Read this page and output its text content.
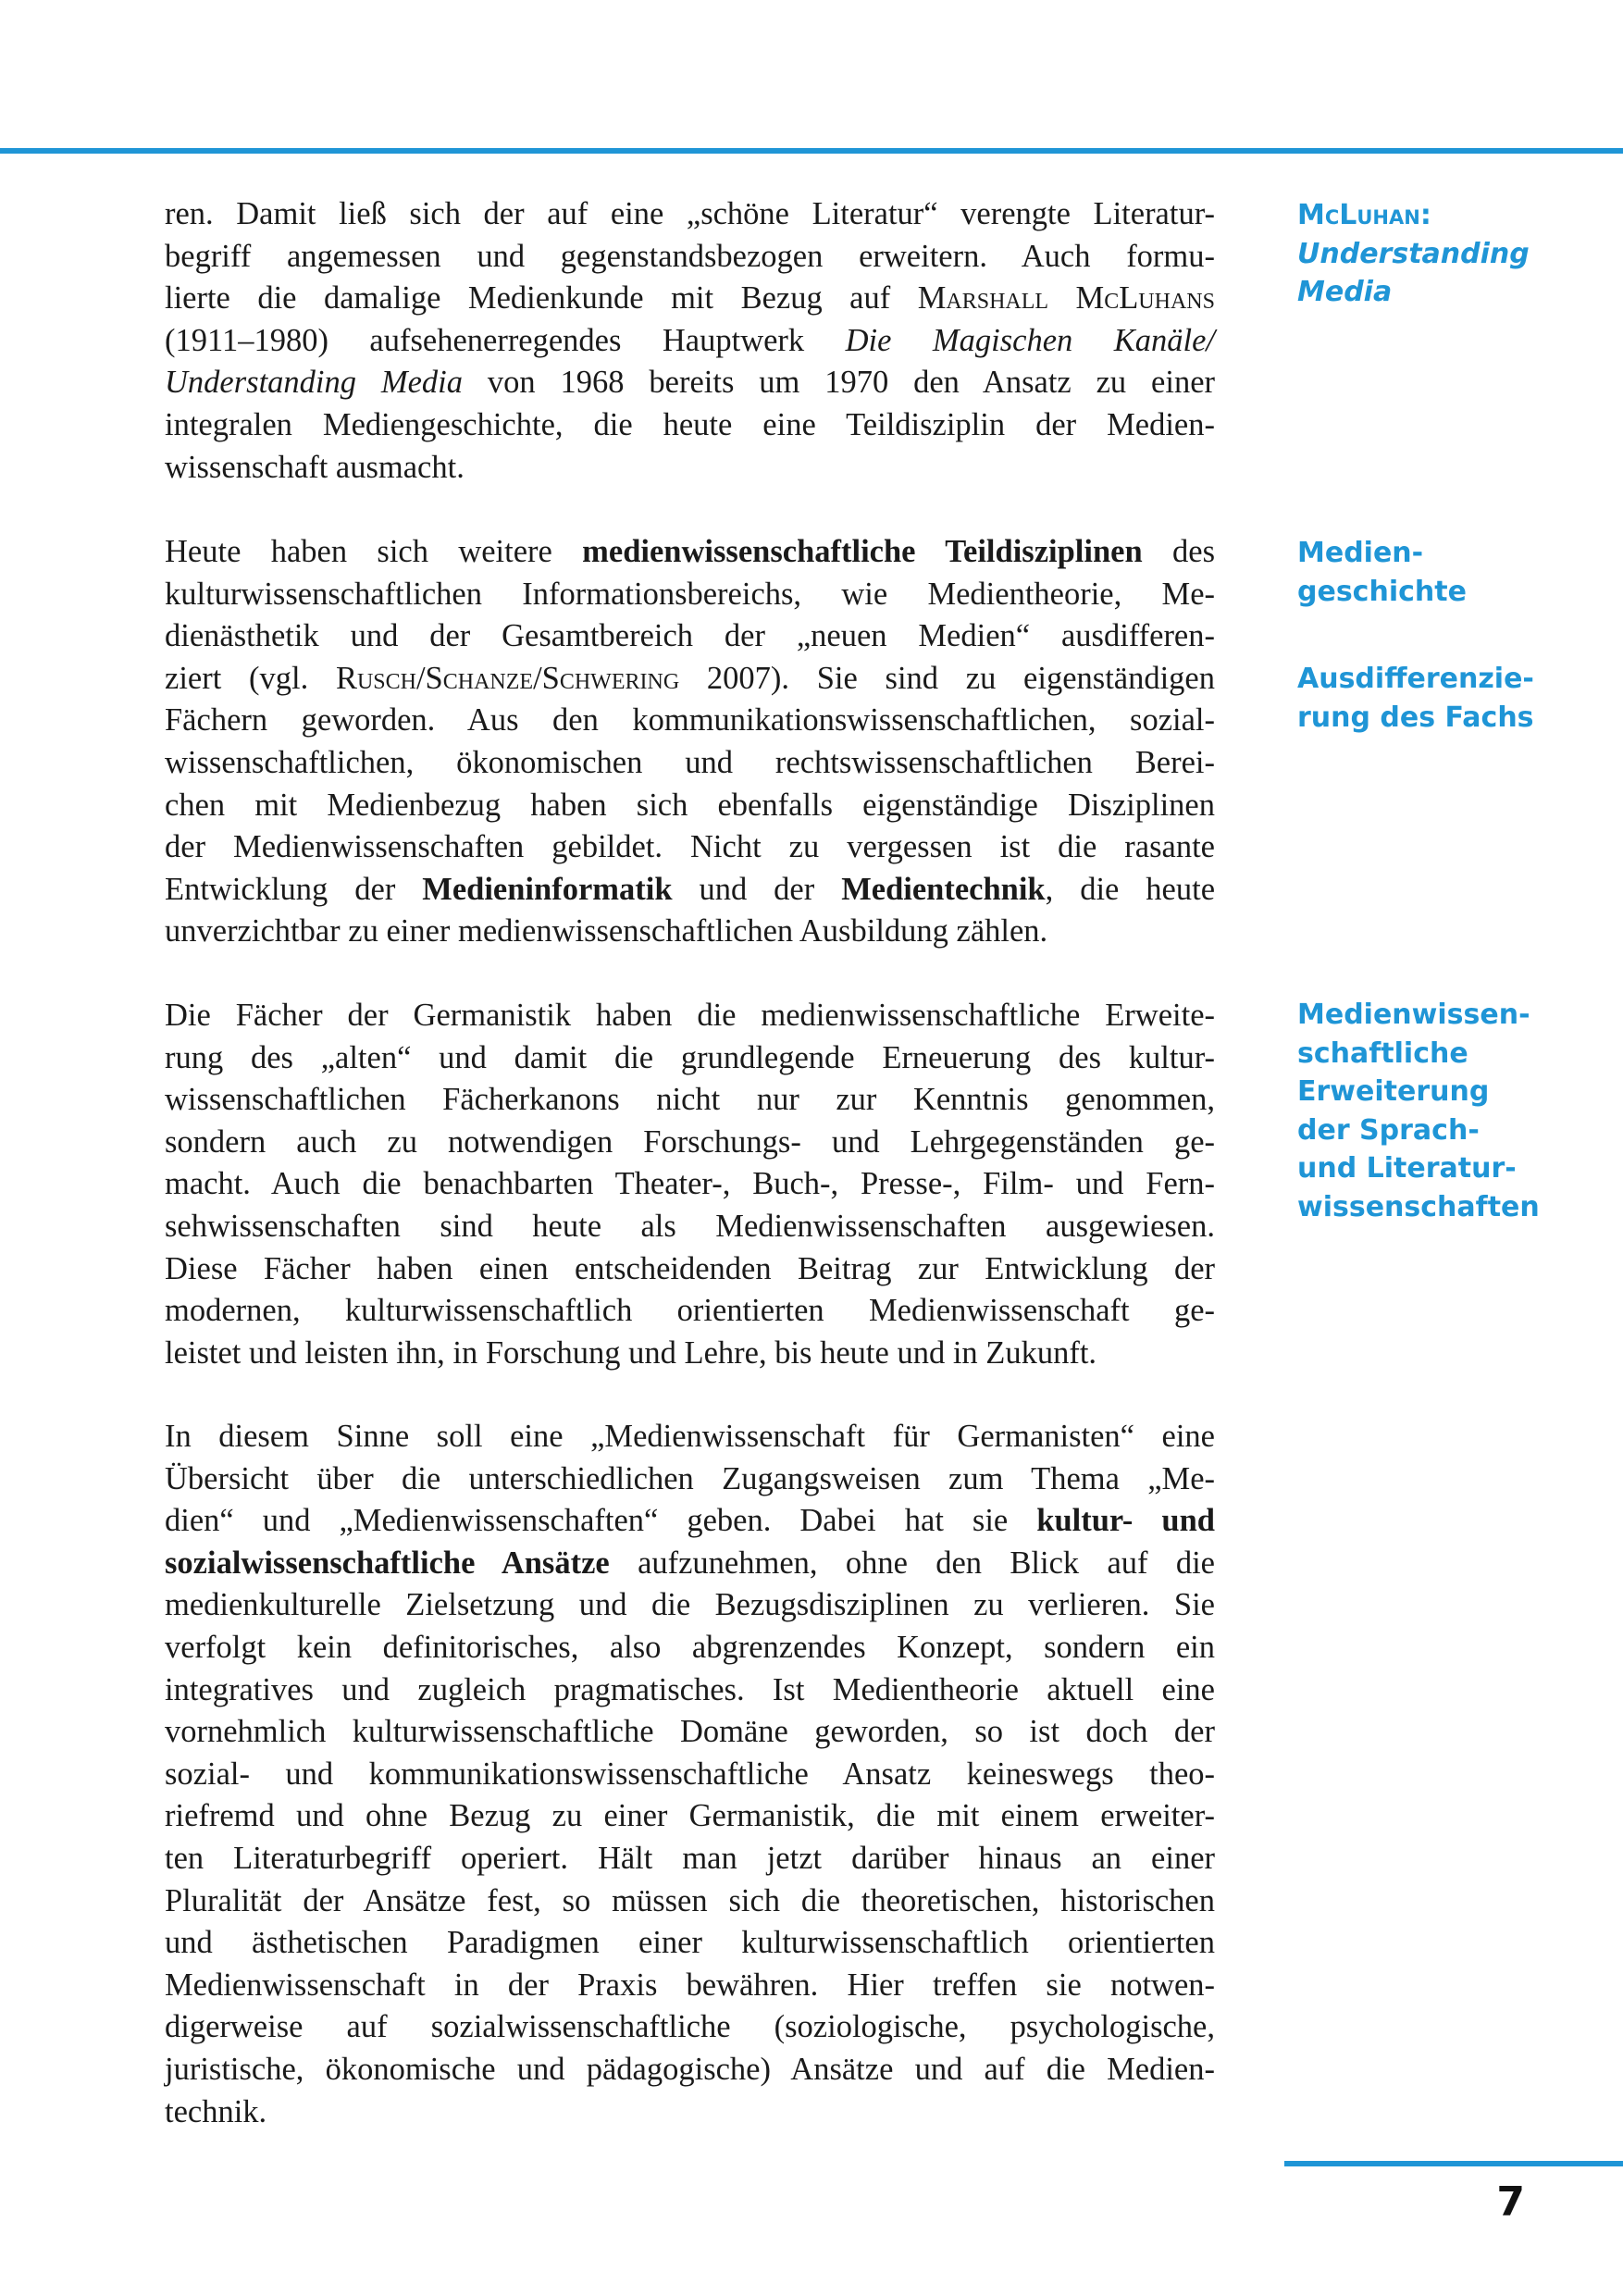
McLuhan:
Understanding
Media
Medien-
geschichte
Ausdifferenzie-
rung des Fachs
Medienwissen-
schaftliche
Erweiterung
der Sprach-
und Literatur-
wissenschaften
ren. Damit ließ sich der auf eine „schöne Literatur“ verengte Literatur-
begriff angemessen und gegenstandsbezogen erweitern. Auch formu-
lierte die damalige Medienkunde mit Bezug auf Marshall McLuhans
(1911–1980) aufsehenerregendes Hauptwerk Die Magischen Kanäle/
Understanding Media von 1968 bereits um 1970 den Ansatz zu einer
integralen Mediengeschichte, die heute eine Teildisziplin der Medien-
wissenschaft ausmacht.
Heute haben sich weitere medienwissenschaftliche Teildisziplinen des
kulturwissenschaftlichen Informationsbereichs, wie Medientheorie, Me-
dienästhetik und der Gesamtbereich der „neuen Medien“ ausdifferen-
ziert (vgl. Rusch/Schanze/Schwering 2007). Sie sind zu eigenständigen
Fächern geworden. Aus den kommunikationswissenschaftlichen, sozial-
wissenschaftlichen, ökonomischen und rechtswissenschaftlichen Berei-
chen mit Medienbezug haben sich ebenfalls eigenständige Disziplinen
der Medienwissenschaften gebildet. Nicht zu vergessen ist die rasante
Entwicklung der Medieninformatik und der Medientechnik, die heute
unverzichtbar zu einer medienwissenschaftlichen Ausbildung zählen.
Die Fächer der Germanistik haben die medienwissenschaftliche Erweite-
rung des „alten“ und damit die grundlegende Erneuerung des kultur-
wissenschaftlichen Fächerkanons nicht nur zur Kenntnis genommen,
sondern auch zu notwendigen Forschungs- und Lehrgegenständen ge-
macht. Auch die benachbarten Theater-, Buch-, Presse-, Film- und Fern-
sehwissenschaften sind heute als Medienwissenschaften ausgewiesen.
Diese Fächer haben einen entscheidenden Beitrag zur Entwicklung der
modernen, kulturwissenschaftlich orientierten Medienwissenschaft ge-
leistet und leisten ihn, in Forschung und Lehre, bis heute und in Zukunft.
In diesem Sinne soll eine „Medienwissenschaft für Germanisten“ eine
Übersicht über die unterschiedlichen Zugangsweisen zum Thema „Me-
dien“ und „Medienwissenschaften“ geben. Dabei hat sie kultur- und
sozialwissenschaftliche Ansätze aufzunehmen, ohne den Blick auf die
medienkulturelle Zielsetzung und die Bezugsdisziplinen zu verlieren. Sie
verfolgt kein definitorisches, also abgrenzendes Konzept, sondern ein
integratives und zugleich pragmatisches. Ist Medientheorie aktuell eine
vornehmlich kulturwissenschaftliche Domäne geworden, so ist doch der
sozial- und kommunikationswissenschaftliche Ansatz keineswegs theo-
riefremd und ohne Bezug zu einer Germanistik, die mit einem erweiter-
ten Literaturbegriff operiert. Hält man jetzt darüber hinaus an einer
Pluralität der Ansätze fest, so müssen sich die theoretischen, historischen
und ästhetischen Paradigmen einer kulturwissenschaftlich orientierten
Medienwissenschaft in der Praxis bewähren. Hier treffen sie notwen-
digerweise auf sozialwissenschaftliche (soziologische, psychologische,
juristische, ökonomische und pädagogische) Ansätze und auf die Medien-
technik.
7
